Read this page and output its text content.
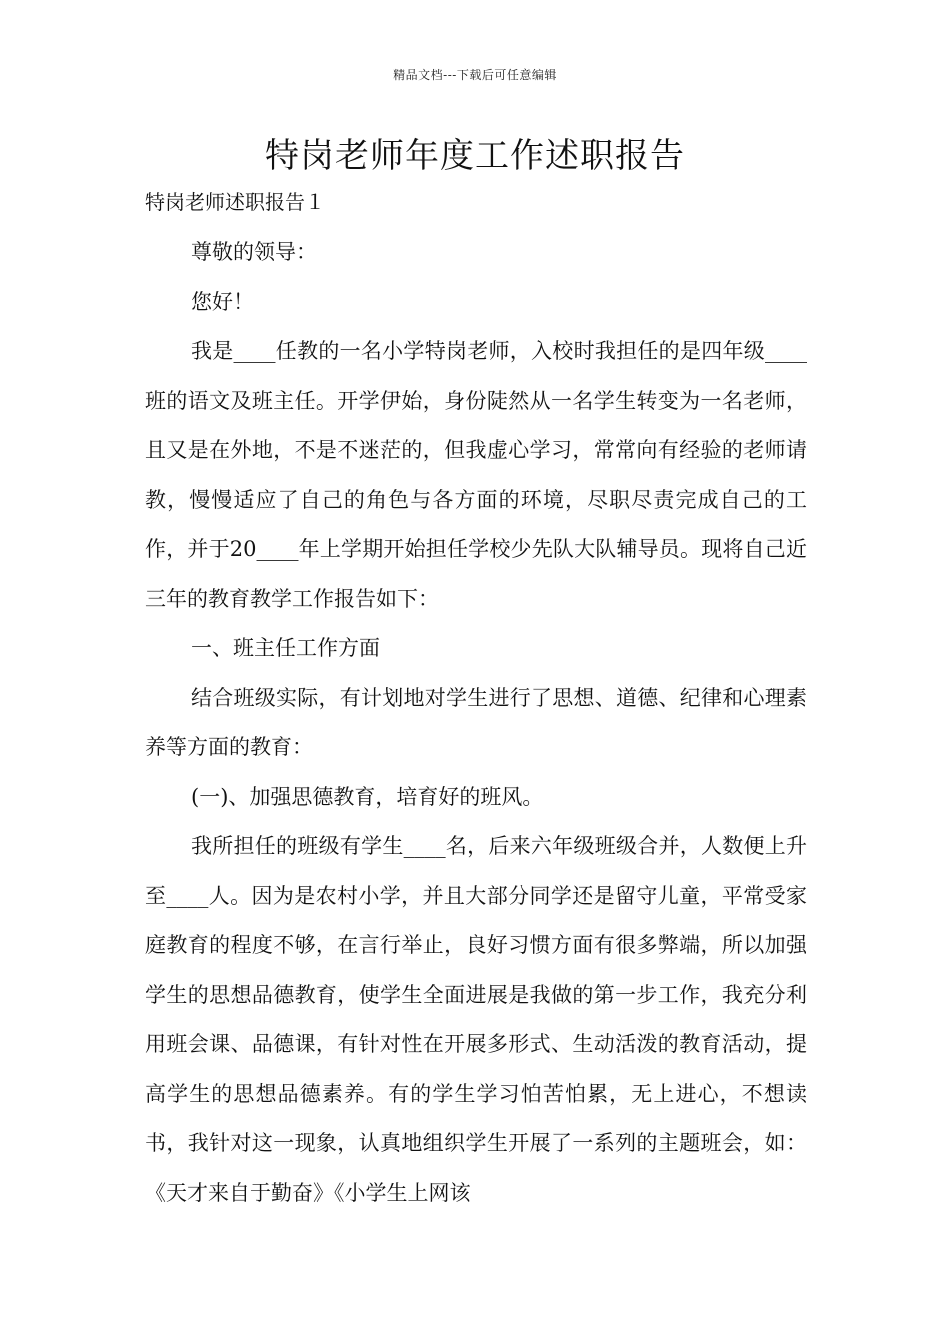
精品文档---下载后可任意编辑
特岗老师年度工作述职报告

特岗老师述职报告１

尊敬的领导：

您好！

我是____任教的一名小学特岗老师，入校时我担任的是四年级____班的语文及班主任。开学伊始，身份陡然从一名学生转变为一名老师，且又是在外地，不是不迷茫的，但我虚心学习，常常向有经验的老师请教，慢慢适应了自己的角色与各方面的环境，尽职尽责完成自己的工作，并于20____年上学期开始担任学校少先队大队辅导员。现将自己近三年的教育教学工作报告如下：

一、班主任工作方面

结合班级实际，有计划地对学生进行了思想、道德、纪律和心理素养等方面的教育：

(一)、加强思德教育，培育好的班风。

我所担任的班级有学生____名，后来六年级班级合并，人数便上升至____人。因为是农村小学，并且大部分同学还是留守儿童，平常受家庭教育的程度不够，在言行举止，良好习惯方面有很多弊端，所以加强学生的思想品德教育，使学生全面进展是我做的第一步工作，我充分利用班会课、品德课，有针对性在开展多形式、生动活泼的教育活动，提高学生的思想品德素养。有的学生学习怕苦怕累，无上进心，不想读书，我针对这一现象，认真地组织学生开展了一系列的主题班会，如：《天才来自于勤奋》《小学生上网该
